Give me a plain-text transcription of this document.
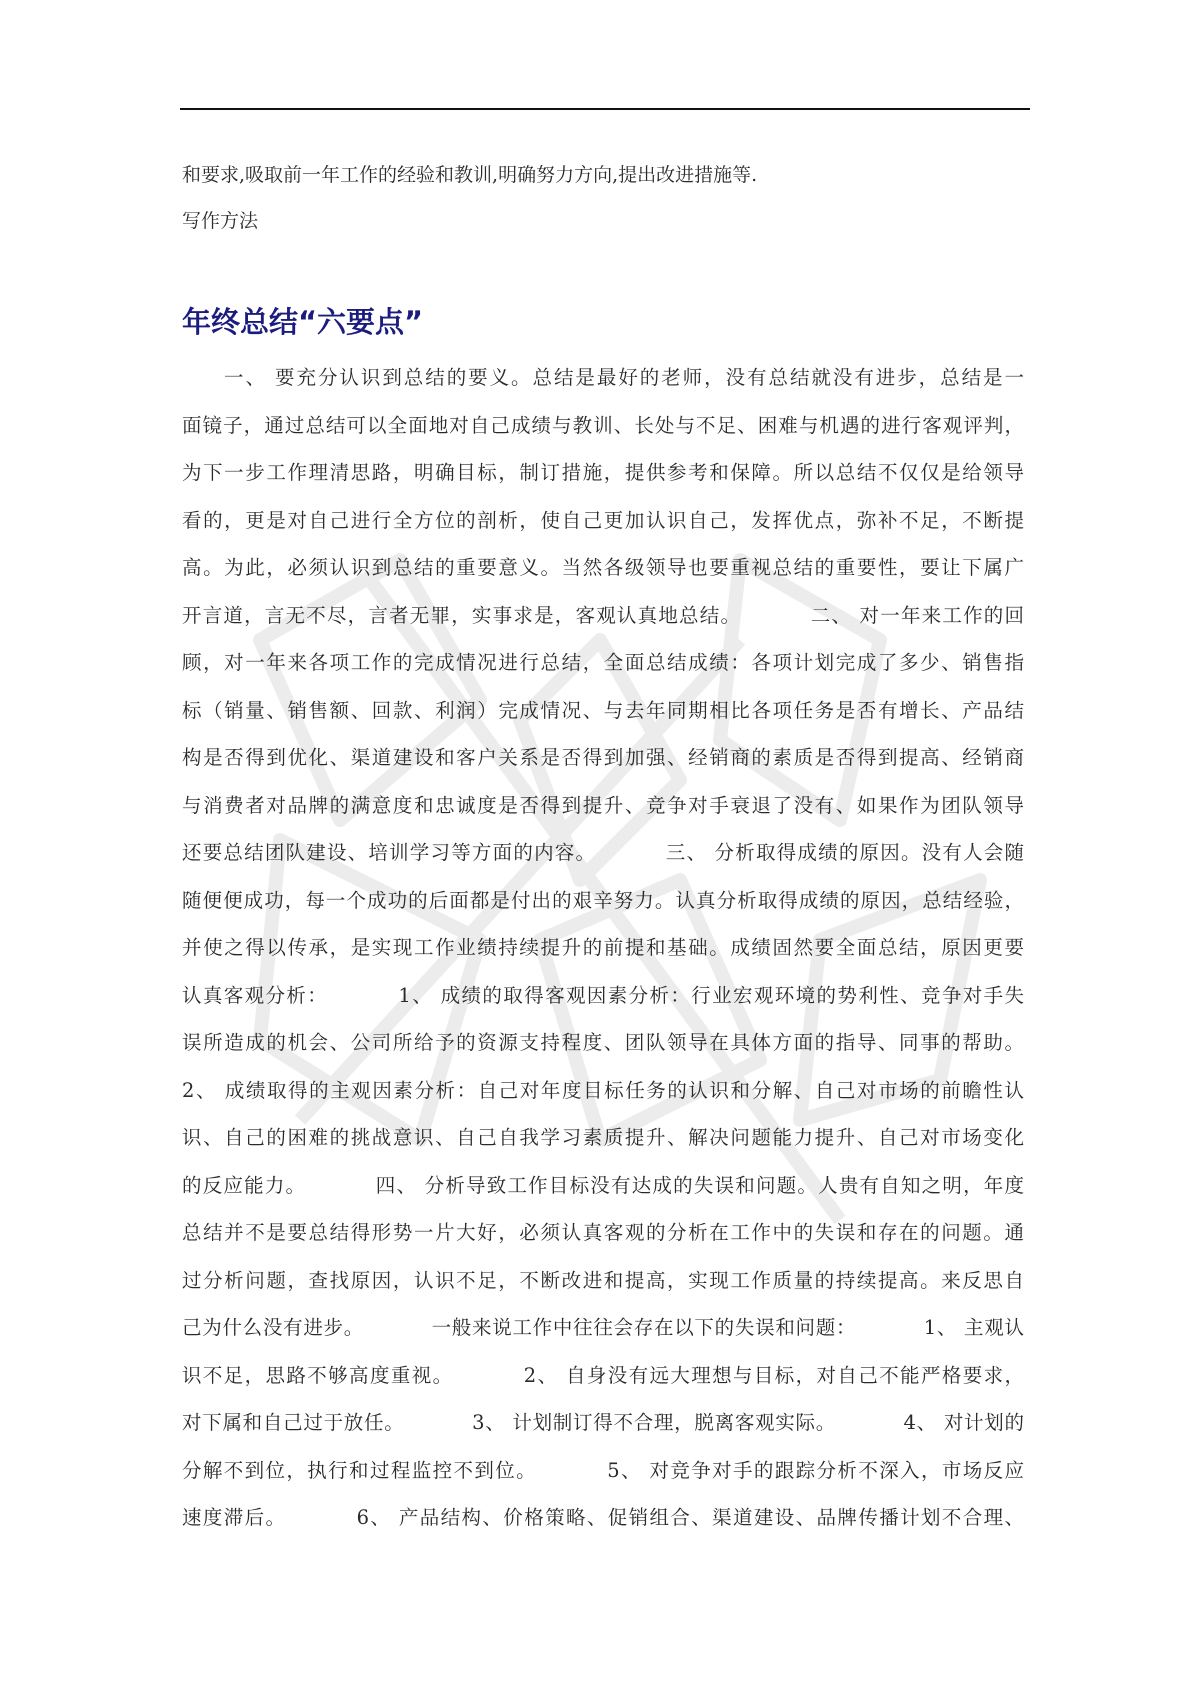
和要求,吸取前一年工作的经验和教训,明确努力方向,提出改进措施等.
写作方法
年终总结“六要点”
一、 要充分认识到总结的要义。总结是最好的老师，没有总结就没有进步，总结是一
面镜子，通过总结可以全面地对自己成绩与教训、长处与不足、困难与机遇的进行客观评判，
为下一步工作理清思路，明确目标，制订措施，提供参考和保障。所以总结不仅仅是给领导
看的，更是对自己进行全方位的剖析，使自己更加认识自己，发挥优点，弥补不足，不断提
高。为此，必须认识到总结的重要意义。当然各级领导也要重视总结的重要性，要让下属广
开言道，言无不尽，言者无罪，实事求是，客观认真地总结。 　　　二、 对一年来工作的回
顾，对一年来各项工作的完成情况进行总结，全面总结成绩：各项计划完成了多少、销售指
标（销量、销售额、回款、利润）完成情况、与去年同期相比各项任务是否有增长、产品结
构是否得到优化、渠道建设和客户关系是否得到加强、经销商的素质是否得到提高、经销商
与消费者对品牌的满意度和忠诚度是否得到提升、竞争对手衰退了没有、如果作为团队领导
还要总结团队建设、培训学习等方面的内容。 　　　三、 分析取得成绩的原因。没有人会随
随便便成功，每一个成功的后面都是付出的艰辛努力。认真分析取得成绩的原因，总结经验，
并使之得以传承，是实现工作业绩持续提升的前提和基础。成绩固然要全面总结，原因更要
认真客观分析： 　　　1、 成绩的取得客观因素分析：行业宏观环境的势利性、竞争对手失
误所造成的机会、公司所给予的资源支持程度、团队领导在具体方面的指导、同事的帮助。
2、 成绩取得的主观因素分析：自己对年度目标任务的认识和分解、自己对市场的前瞻性认
识、自己的困难的挑战意识、自己自我学习素质提升、解决问题能力提升、自己对市场变化
的反应能力。 　　　四、 分析导致工作目标没有达成的失误和问题。人贵有自知之明，年度
总结并不是要总结得形势一片大好，必须认真客观的分析在工作中的失误和存在的问题。通
过分析问题，查找原因，认识不足，不断改进和提高，实现工作质量的持续提高。来反思自
己为什么没有进步。 　　　一般来说工作中往往会存在以下的失误和问题： 　　　1、 主观认
识不足，思路不够高度重视。 　　　2、 自身没有远大理想与目标，对自己不能严格要求，
对下属和自己过于放任。 　　　3、 计划制订得不合理，脱离客观实际。 　　　4、 对计划的
分解不到位，执行和过程监控不到位。 　　　5、 对竞争对手的跟踪分析不深入，市场反应
速度滞后。 　　　6、 产品结构、价格策略、促销组合、渠道建设、品牌传播计划不合理、
